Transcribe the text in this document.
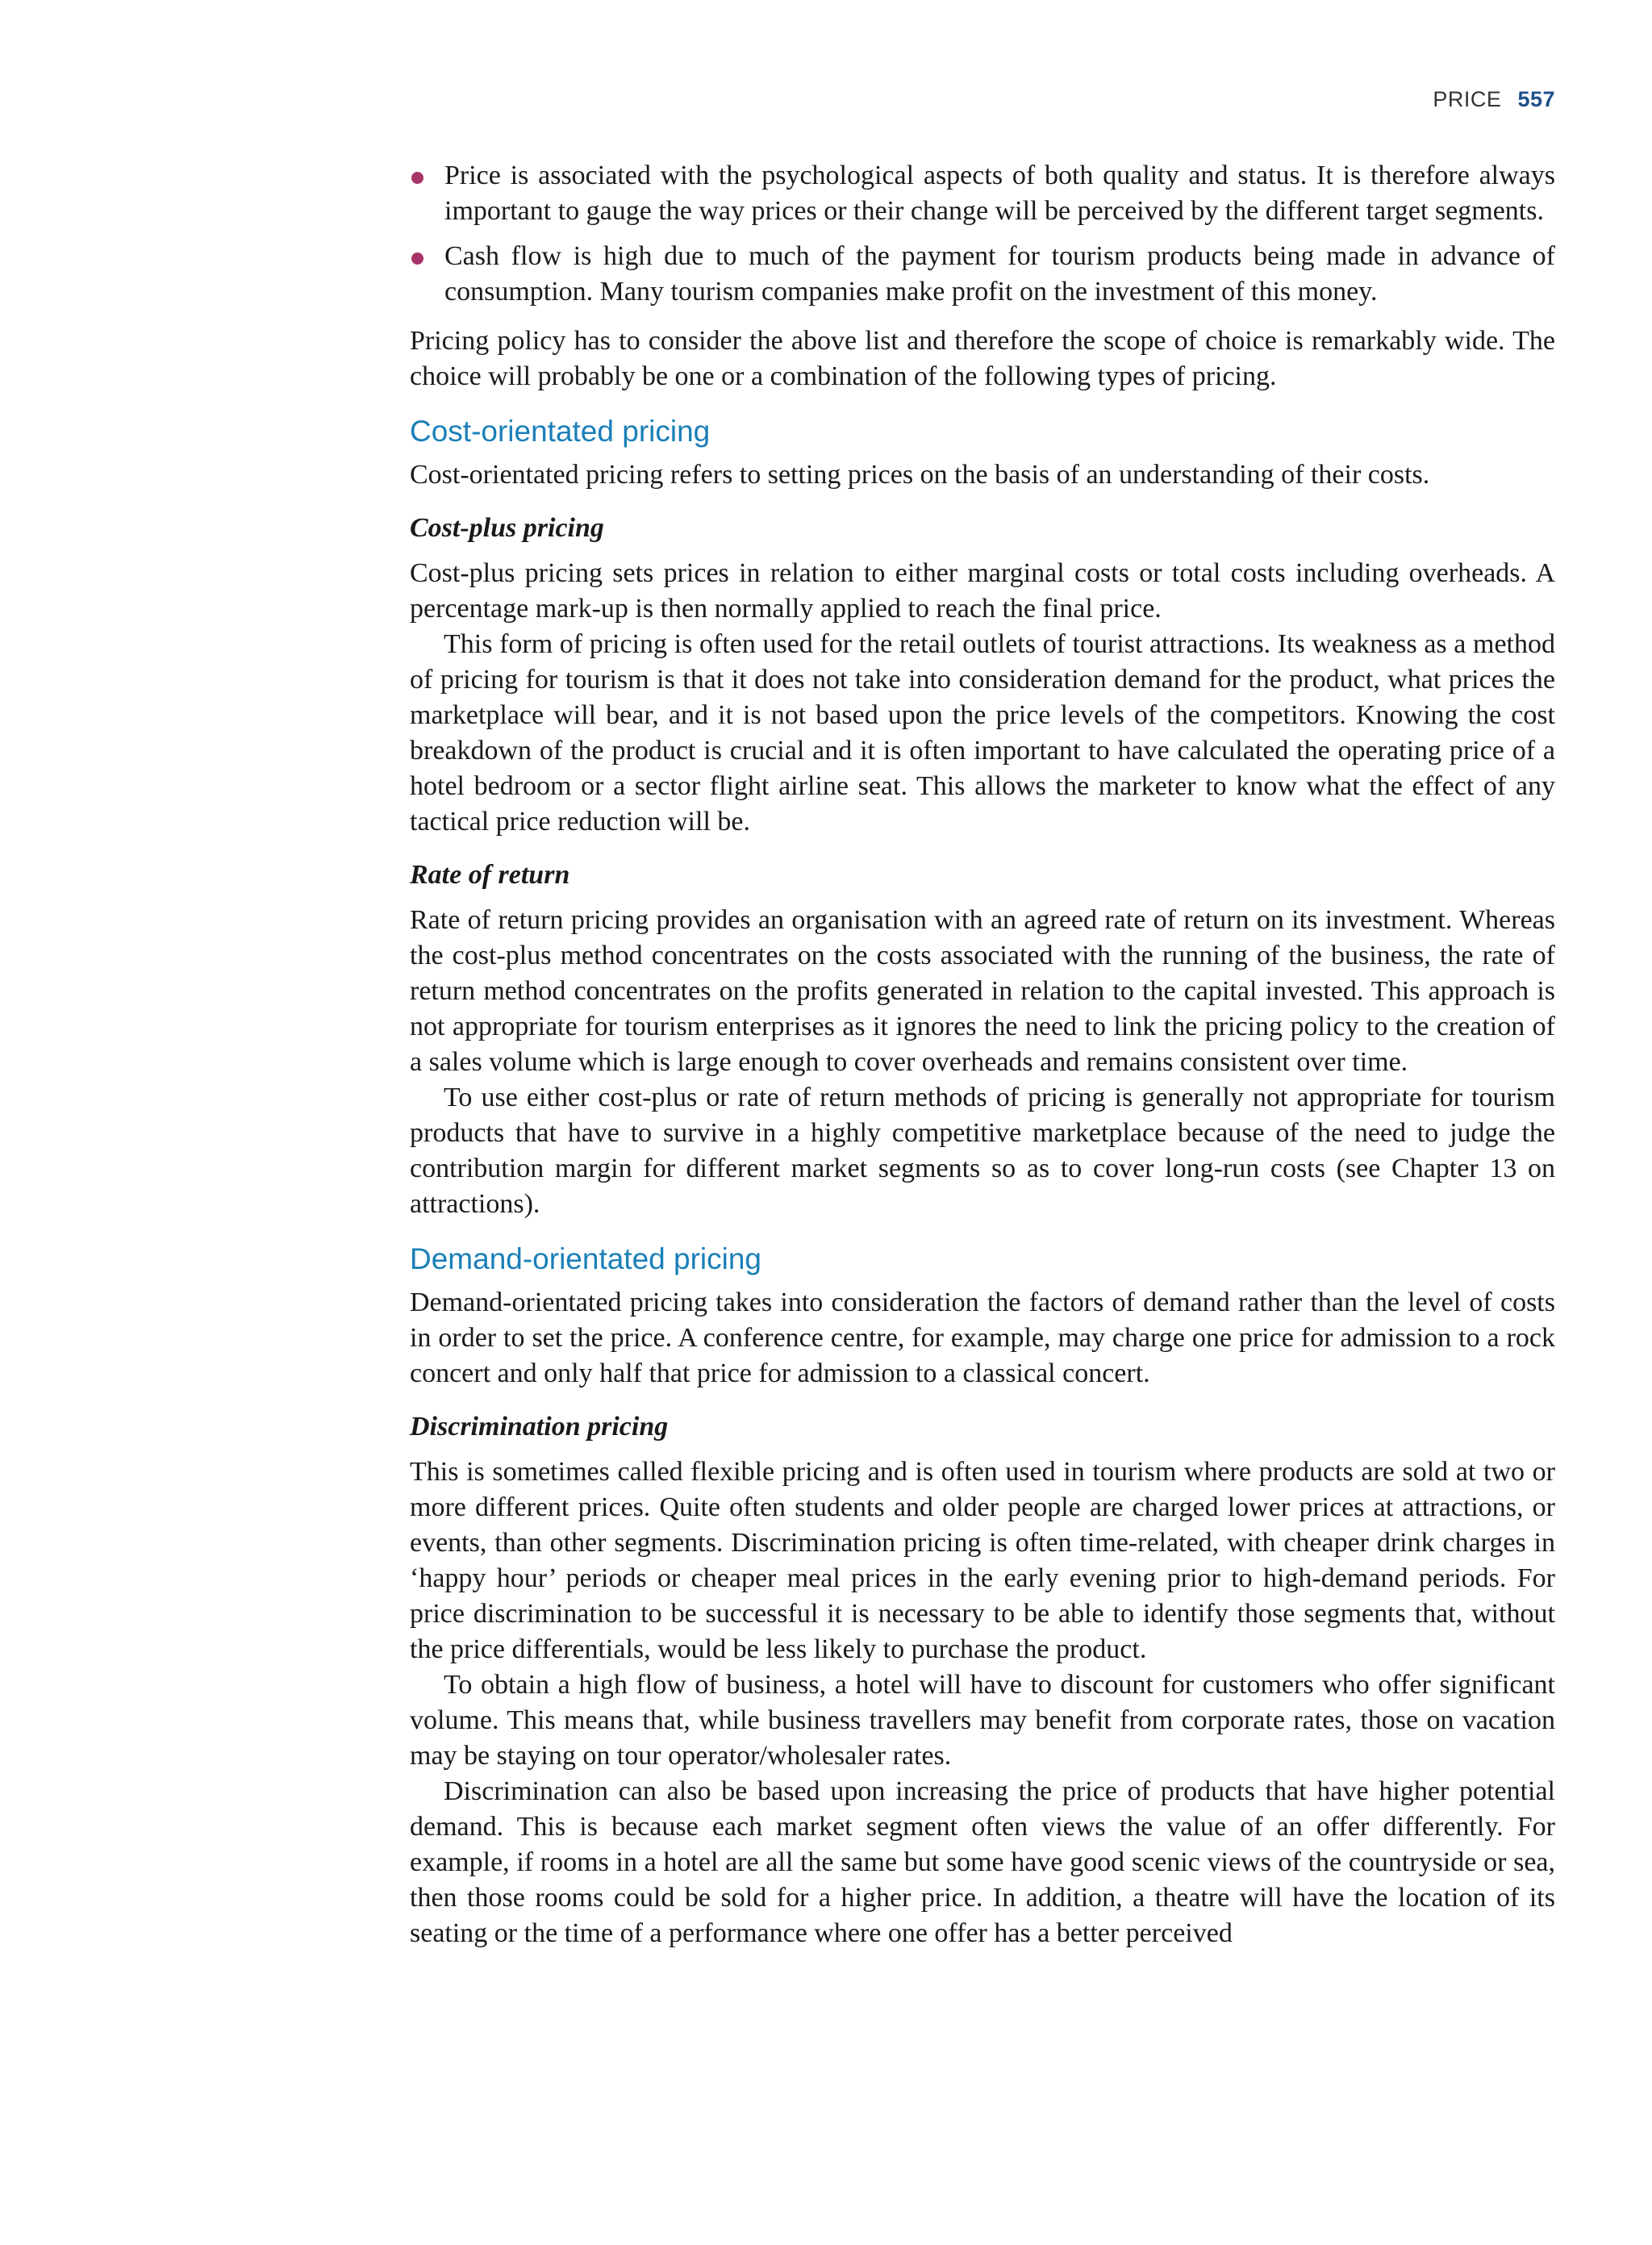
PRICE 557
Price is associated with the psychological aspects of both quality and status. It is therefore always important to gauge the way prices or their change will be perceived by the different target segments.
Cash flow is high due to much of the payment for tourism products being made in advance of consumption. Many tourism companies make profit on the investment of this money.

Pricing policy has to consider the above list and therefore the scope of choice is remarkably wide. The choice will probably be one or a combination of the following types of pricing.

Cost-orientated pricing

Cost-orientated pricing refers to setting prices on the basis of an understanding of their costs.

Cost-plus pricing

Cost-plus pricing sets prices in relation to either marginal costs or total costs including overheads. A percentage mark-up is then normally applied to reach the final price.

This form of pricing is often used for the retail outlets of tourist attractions. Its weakness as a method of pricing for tourism is that it does not take into consideration demand for the product, what prices the marketplace will bear, and it is not based upon the price levels of the competitors. Knowing the cost breakdown of the product is crucial and it is often important to have calculated the operating price of a hotel bedroom or a sector flight airline seat. This allows the marketer to know what the effect of any tactical price reduction will be.

Rate of return

Rate of return pricing provides an organisation with an agreed rate of return on its investment. Whereas the cost-plus method concentrates on the costs associated with the running of the business, the rate of return method concentrates on the profits generated in relation to the capital invested. This approach is not appropriate for tourism enterprises as it ignores the need to link the pricing policy to the creation of a sales volume which is large enough to cover overheads and remains consistent over time.

To use either cost-plus or rate of return methods of pricing is generally not appropriate for tourism products that have to survive in a highly competitive marketplace because of the need to judge the contribution margin for different market segments so as to cover long-run costs (see Chapter 13 on attractions).

Demand-orientated pricing

Demand-orientated pricing takes into consideration the factors of demand rather than the level of costs in order to set the price. A conference centre, for example, may charge one price for admission to a rock concert and only half that price for admission to a classical concert.

Discrimination pricing

This is sometimes called flexible pricing and is often used in tourism where products are sold at two or more different prices. Quite often students and older people are charged lower prices at attractions, or events, than other segments. Discrimination pricing is often time-related, with cheaper drink charges in ‘happy hour’ periods or cheaper meal prices in the early evening prior to high-demand periods. For price discrimination to be successful it is necessary to be able to identify those segments that, without the price differentials, would be less likely to purchase the product.

To obtain a high flow of business, a hotel will have to discount for customers who offer significant volume. This means that, while business travellers may benefit from corporate rates, those on vacation may be staying on tour operator/wholesaler rates.

Discrimination can also be based upon increasing the price of products that have higher potential demand. This is because each market segment often views the value of an offer differently. For example, if rooms in a hotel are all the same but some have good scenic views of the countryside or sea, then those rooms could be sold for a higher price. In addition, a theatre will have the location of its seating or the time of a performance where one offer has a better perceived
